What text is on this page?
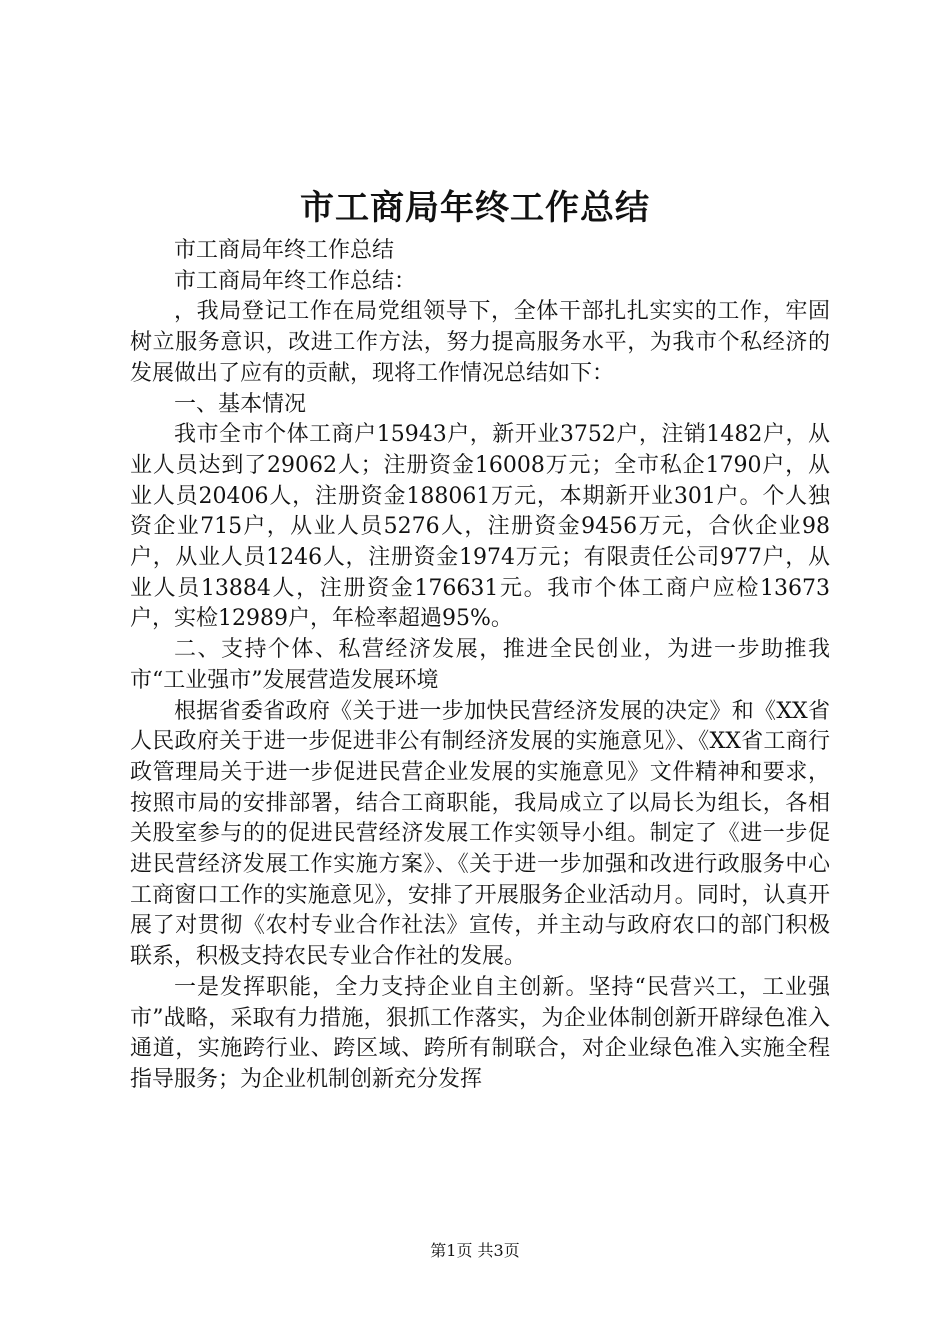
市工商局年终工作总结

市工商局年终工作总结

市工商局年终工作总结：

，我局登记工作在局党组领导下，全体干部扎扎实实的工作，牢固树立服务意识，改进工作方法，努力提高服务水平，为我市个私经济的发展做出了应有的贡献，现将工作情况总结如下：

一、基本情况

我市全市个体工商户15943户，新开业3752户，注销1482户，从业人员达到了29062人；注册资金16008万元；全市私企1790户，从业人员20406人，注册资金188061万元，本期新开业301户。个人独资企业715户，从业人员5276人，注册资金9456万元，合伙企业98户，从业人员1246人，注册资金1974万元；有限责任公司977户，从业人员13884人，注册资金176631元。我市个体工商户应检13673户，实检12989户，年检率超過95%。

二、支持个体、私营经济发展，推进全民创业，为进一步助推我市“工业强市”发展营造发展环境

根据省委省政府《关于进一步加快民营经济发展的决定》和《XX省人民政府关于进一步促进非公有制经济发展的实施意见》、《XX省工商行政管理局关于进一步促进民营企业发展的实施意见》文件精神和要求，按照市局的安排部署，结合工商职能，我局成立了以局长为组长，各相关股室参与的的促进民营经济发展工作实领导小组。制定了《进一步促进民营经济发展工作实施方案》、《关于进一步加强和改进行政服务中心工商窗口工作的实施意见》，安排了开展服务企业活动月。同时，认真开展了对贯彻《农村专业合作社法》宣传，并主动与政府农口的部门积极联系，积极支持农民专业合作社的发展。

一是发挥职能，全力支持企业自主创新。坚持“民营兴工，工业强市”战略，采取有力措施，狠抓工作落实，为企业体制创新开辟绿色准入通道，实施跨行业、跨区域、跨所有制联合，对企业绿色准入实施全程指导服务；为企业机制创新充分发挥

第1页 共3页
